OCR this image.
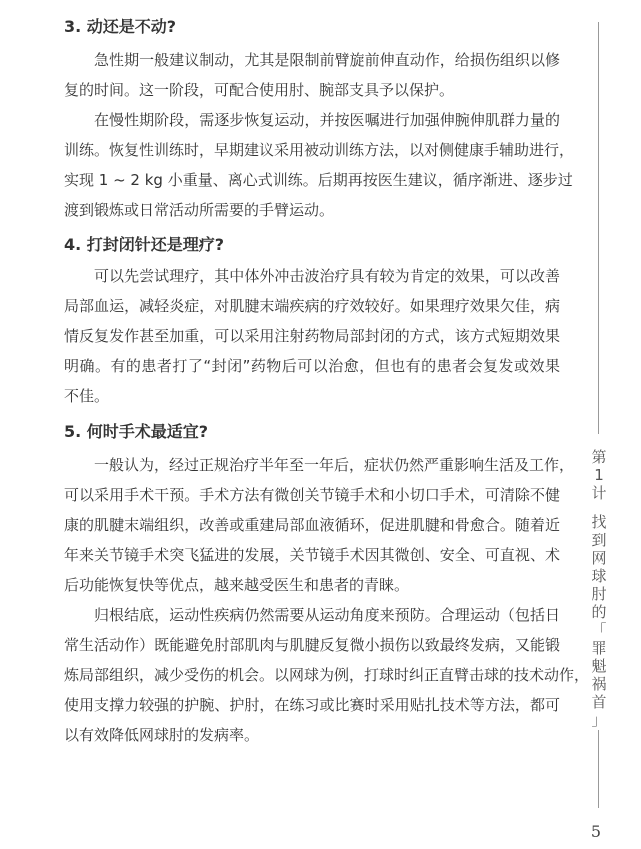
3. 动还是不动?
急性期一般建议制动，尤其是限制前臂旋前伸直动作，给损伤组织以修
复的时间。这一阶段，可配合使用肘、腕部支具予以保护。
在慢性期阶段，需逐步恢复运动，并按医嘱进行加强伸腕伸肌群力量的
训练。恢复性训练时，早期建议采用被动训练方法，以对侧健康手辅助进行，
实现 1 ~ 2 kg 小重量、离心式训练。后期再按医生建议，循序渐进、逐步过
渡到锻炼或日常活动所需要的手臂运动。
4. 打封闭针还是理疗?
可以先尝试理疗，其中体外冲击波治疗具有较为肯定的效果，可以改善
局部血运，减轻炎症，对肌腱末端疾病的疗效较好。如果理疗效果欠佳，病
情反复发作甚至加重，可以采用注射药物局部封闭的方式，该方式短期效果
明确。有的患者打了“封闭”药物后可以治愈，但也有的患者会复发或效果
不佳。
5. 何时手术最适宜?
一般认为，经过正规治疗半年至一年后，症状仍然严重影响生活及工作，
可以采用手术干预。手术方法有微创关节镜手术和小切口手术，可清除不健
康的肌腱末端组织，改善或重建局部血液循环，促进肌腱和骨愈合。随着近
年来关节镜手术突飞猛进的发展，关节镜手术因其微创、安全、可直视、术
后功能恢复快等优点，越来越受医生和患者的青睐。
归根结底，运动性疾病仍然需要从运动角度来预防。合理运动（包括日
常生活动作）既能避免肘部肌肉与肌腱反复微小损伤以致最终发病，又能锻
炼局部组织，减少受伤的机会。以网球为例，打球时纠正直臂击球的技术动作，
使用支撑力较强的护腕、护肘，在练习或比赛时采用贴扎技术等方法，都可
以有效降低网球肘的发病率。
第
1
计
找
到
网
球
肘
的
「
罪
魁
祸
首
」
5
